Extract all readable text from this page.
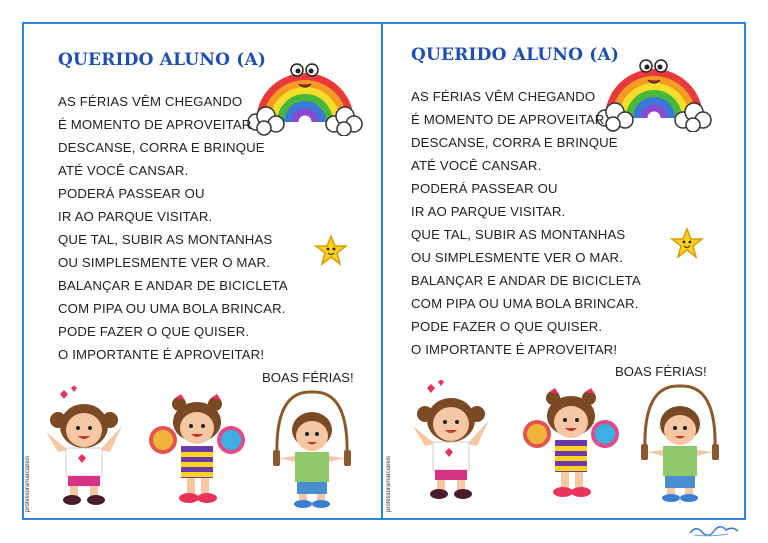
QUERIDO ALUNO (A)
AS FÉRIAS VÊM CHEGANDO
É MOMENTO DE APROVEITAR
DESCANSE, CORRA E BRINQUE
ATÉ VOCÊ CANSAR.
PODERÁ PASSEAR OU
IR AO PARQUE VISITAR.
QUE TAL, SUBIR AS MONTANHAS
OU SIMPLESMENTE VER O MAR.
BALANÇAR E ANDAR DE BICICLETA
COM PIPA OU UMA BOLA BRINCAR.
PODE FAZER O QUE QUISER.
O IMPORTANTE É APROVEITAR!
BOAS FÉRIAS!
professoramarciareis
QUERIDO ALUNO (A)
AS FÉRIAS VÊM CHEGANDO
É MOMENTO DE APROVEITAR
DESCANSE, CORRA E BRINQUE
ATÉ VOCÊ CANSAR.
PODERÁ PASSEAR OU
IR AO PARQUE VISITAR.
QUE TAL, SUBIR AS MONTANHAS
OU SIMPLESMENTE VER O MAR.
BALANÇAR E ANDAR DE BICICLETA
COM PIPA OU UMA BOLA BRINCAR.
PODE FAZER O QUE QUISER.
O IMPORTANTE É APROVEITAR!
BOAS FÉRIAS!
professoramarciareis
